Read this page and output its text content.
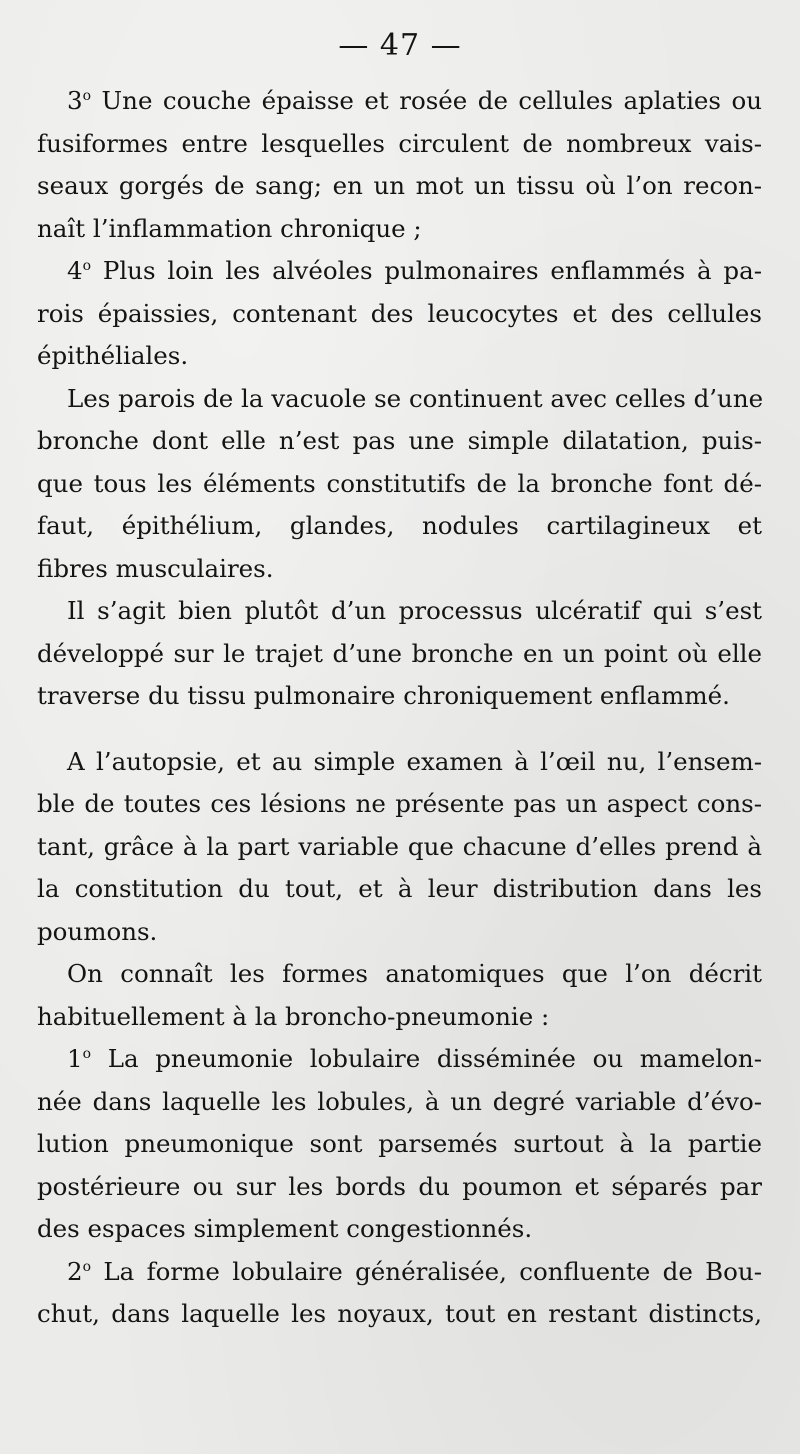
— 47 —
3$^o$ Une couche épaisse et rosée de cellules aplaties ou
fusiformes entre lesquelles circulent de nombreux vais-
seaux gorgés de sang; en un mot un tissu où l’on recon-
naît l’inflammation chronique ;
4$^o$ Plus loin les alvéoles pulmonaires enflammés à pa-
rois épaissies, contenant des leucocytes et des cellules
épithéliales.
Les parois de la vacuole se continuent avec celles d’une
bronche dont elle n’est pas une simple dilatation, puis-
que tous les éléments constitutifs de la bronche font dé-
faut, épithélium, glandes, nodules cartilagineux et
fibres musculaires.
Il s’agit bien plutôt d’un processus ulcératif qui s’est
développé sur le trajet d’une bronche en un point où elle
traverse du tissu pulmonaire chroniquement enflammé.
A l’autopsie, et au simple examen à l’œil nu, l’ensem-
ble de toutes ces lésions ne présente pas un aspect cons-
tant, grâce à la part variable que chacune d’elles prend à
la constitution du tout, et à leur distribution dans les
poumons.
On connaît les formes anatomiques que l’on décrit
habituellement à la broncho-pneumonie :
1$^o$ La pneumonie lobulaire disséminée ou mamelon-
née dans laquelle les lobules, à un degré variable d’évo-
lution pneumonique sont parsemés surtout à la partie
postérieure ou sur les bords du poumon et séparés par
des espaces simplement congestionnés.
2$^o$ La forme lobulaire généralisée, confluente de Bou-
chut, dans laquelle les noyaux, tout en restant distincts,
